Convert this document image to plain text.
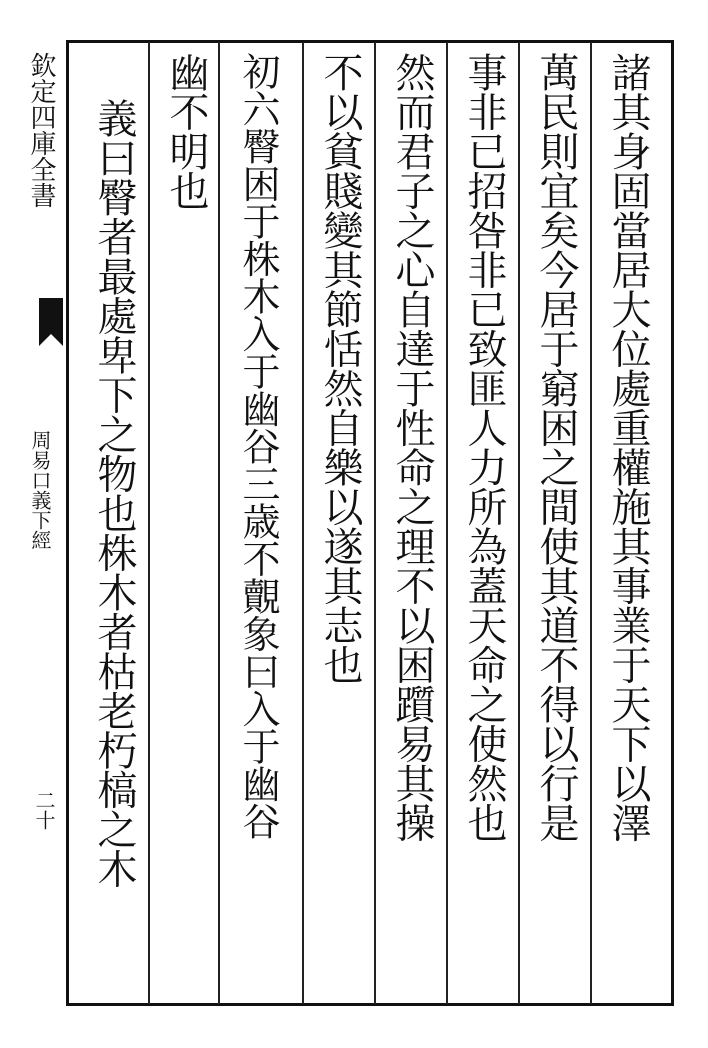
欽定四庫全書
周易口義下經
二十	諸其身固當居大位處重權施其事業于天下以澤
萬民則宜矣今居于窮困之間使其道不得以行是
事非已招咎非已致匪人力所為蓋天命之使然也
然而君子之心自達于性命之理不以困躓易其操
不以貧賤變其節恬然自樂以遂其志也
初六臀困于株木入于幽谷三歳不覿象曰入于幽谷
幽不明也
義曰臀者最處卑下之物也株木者枯老朽槁之木
